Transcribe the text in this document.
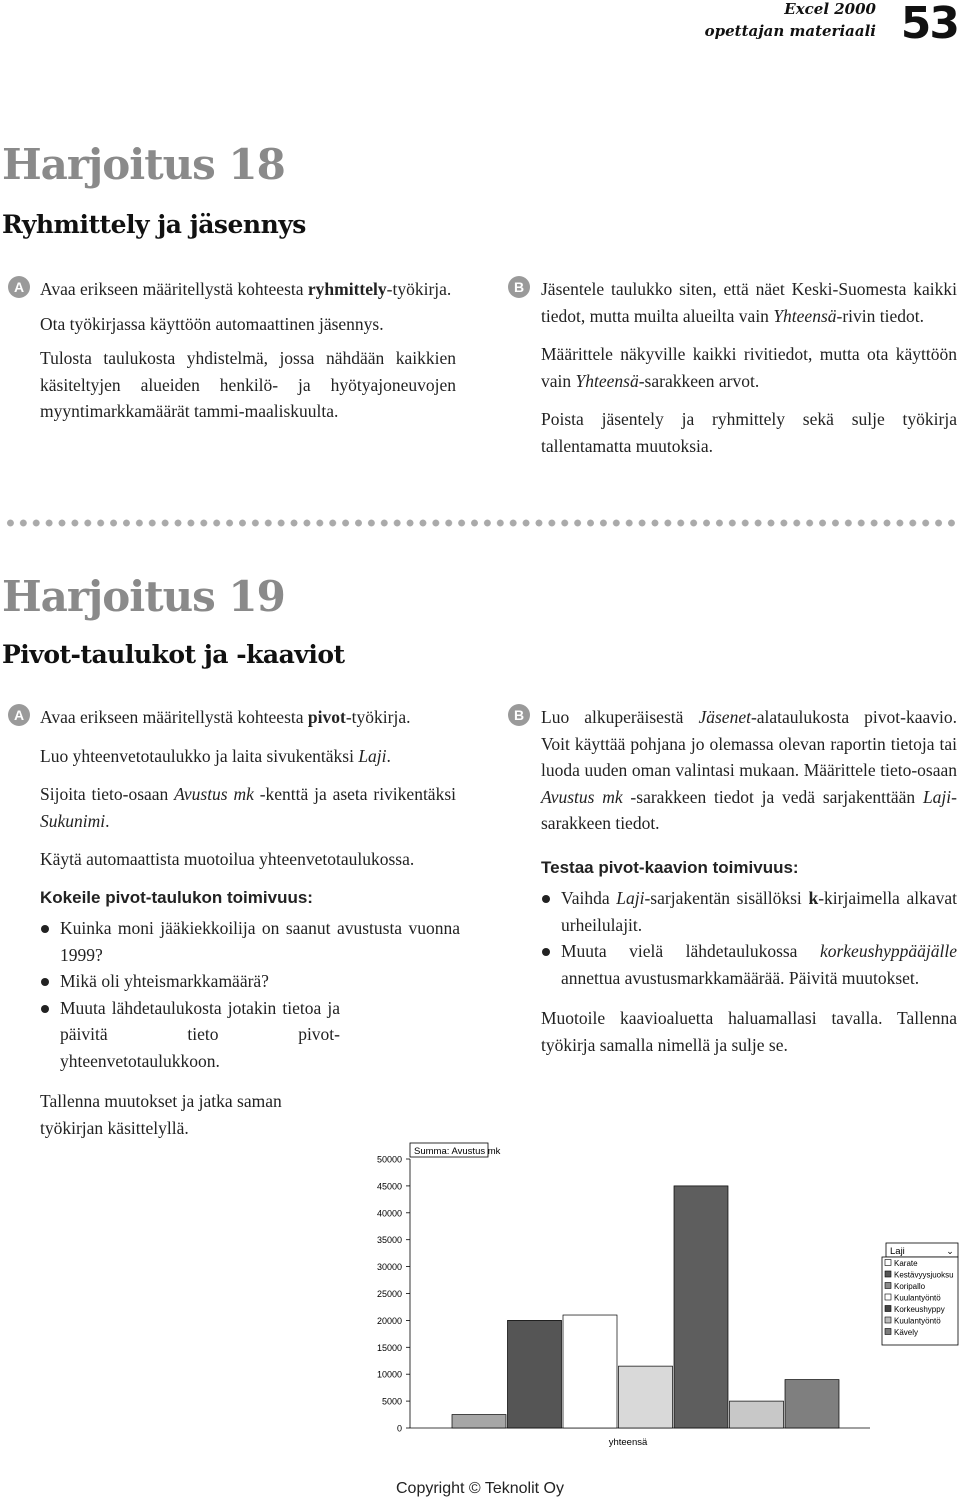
Excel 2000
opettajan materiaali 53
Harjoitus 18
Ryhmittely ja jäsennys
A Avaa erikseen määritellystä kohteesta ryhmittely-työkirja.

Ota työkirjassa käyttöön automaattinen jäsennys.

Tulosta taulukosta yhdistelmä, jossa nähdään kaikkien käsiteltyjen alueiden henkilö- ja hyötyajoneuvojen myyntimarkkamäärät tammi-maaliskuulta.

B Jäsentele taulukko siten, että näet Keski-Suomesta kaikki tiedot, mutta muilta alueilta vain Yhteensä-rivin tiedot.

Määrittele näkyville kaikki rivitiedot, mutta ota käyttöön vain Yhteensä-sarakkeen arvot.

Poista jäsentely ja ryhmittely sekä sulje työkirja tallentamatta muutoksia.

Harjoitus 19
Pivot-taulukot ja -kaaviot
A Avaa erikseen määritellystä kohteesta pivot-työkirja.

Luo yhteenvetotaulukko ja laita sivukentäksi Laji.

Sijoita tieto-osaan Avustus mk -kenttä ja aseta rivikentäksi Sukunimi.

Käytä automaattista muotoilua yhteenvetotaulukossa.

Kokeile pivot-taulukon toimivuus:
Kuinka moni jääkiekkoilija on saanut avustusta vuonna 1999?
Mikä oli yhteismarkkamäärä?
Muuta lähdetaulukosta jotakin tietoa ja päivitä tieto pivot-yhteenvetotaulukkoon.

Tallenna muutokset ja jatka saman työkirjan käsittelyllä.

B Luo alkuperäisestä Jäsenet-alataulukosta pivot-kaavio. Voit käyttää pohjana jo olemassa olevan raportin tietoja tai luoda uuden oman valintasi mukaan. Määrittele tieto-osaan Avustus mk -sarakkeen tiedot ja vedä sarjakenttään Laji-sarakkeen tiedot.

Testaa pivot-kaavion toimivuus:
Vaihda Laji-sarjakentän sisällöksi k-kirjaimella alkavat urheilulajit.
Muuta vielä lähdetaulukossa korkeushyppääjälle annettua avustusmarkkamäärää. Päivitä muutokset.

Muotoile kaavioaluetta haluamallasi tavalla. Tallenna työkirja samalla nimellä ja sulje se.

Summa: Avustus mk
0
5000
10000
15000
20000
25000
30000
35000
40000
45000
50000
yhteensä
Laji	⌄
Karate
Kestävyysjuoksu
Koripallo
Kuulantyöntö
Korkeushyppy
Kuulantyöntö
Kävely
Copyright © Teknolit Oy
